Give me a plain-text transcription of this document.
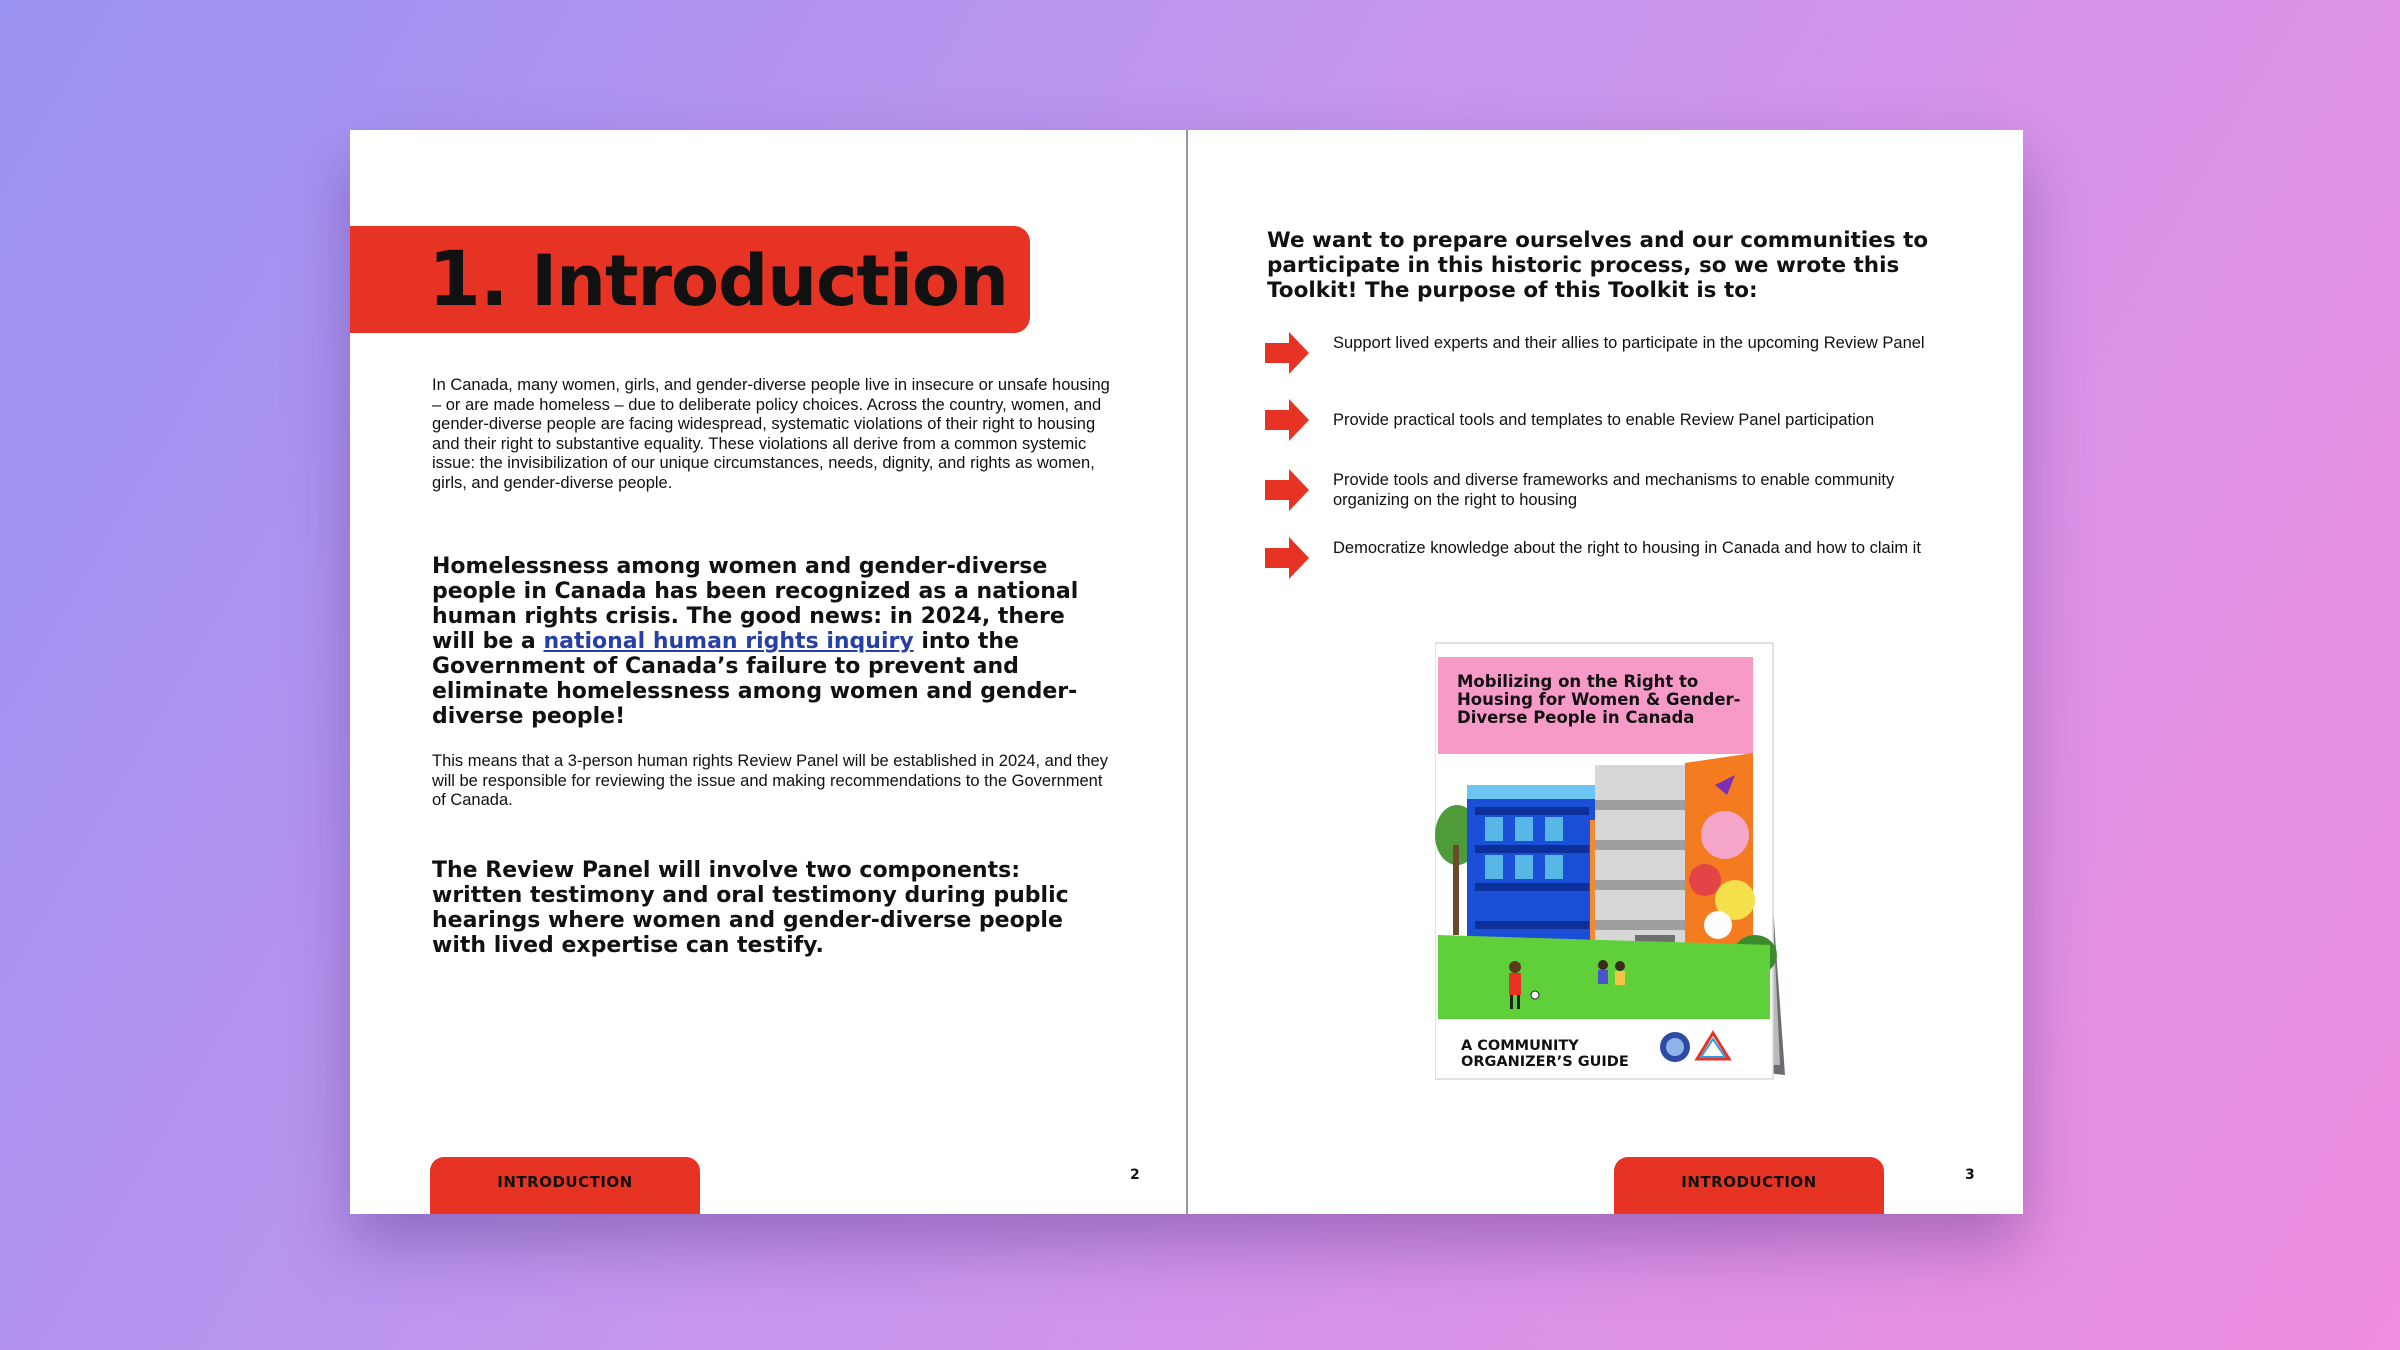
1. Introduction

In Canada, many women, girls, and gender-diverse people live in insecure or unsafe housing – or are made homeless – due to deliberate policy choices. Across the country, women, and gender-diverse people are facing widespread, systematic violations of their right to housing and their right to substantive equality. These violations all derive from a common systemic issue: the invisibilization of our unique circumstances, needs, dignity, and rights as women, girls, and gender-diverse people.

Homelessness among women and gender-diverse people in Canada has been recognized as a national human rights crisis. The good news: in 2024, there will be a national human rights inquiry into the Government of Canada’s failure to prevent and eliminate homelessness among women and gender-diverse people!

This means that a 3-person human rights Review Panel will be established in 2024, and they will be responsible for reviewing the issue and making recommendations to the Government of Canada.

The Review Panel will involve two components: written testimony and oral testimony during public hearings where women and gender-diverse people with lived expertise can testify.

INTRODUCTION	2

We want to prepare ourselves and our communities to participate in this historic process, so we wrote this Toolkit! The purpose of this Toolkit is to:

Support lived experts and their allies to participate in the upcoming Review Panel
Provide practical tools and templates to enable Review Panel participation
Provide tools and diverse frameworks and mechanisms to enable community organizing on the right to housing
Democratize knowledge about the right to housing in Canada and how to claim it
Mobilizing on the Right to Housing for Women & Gender-Diverse People in Canada
A COMMUNITY ORGANIZER’S GUIDE
INTRODUCTION	3
